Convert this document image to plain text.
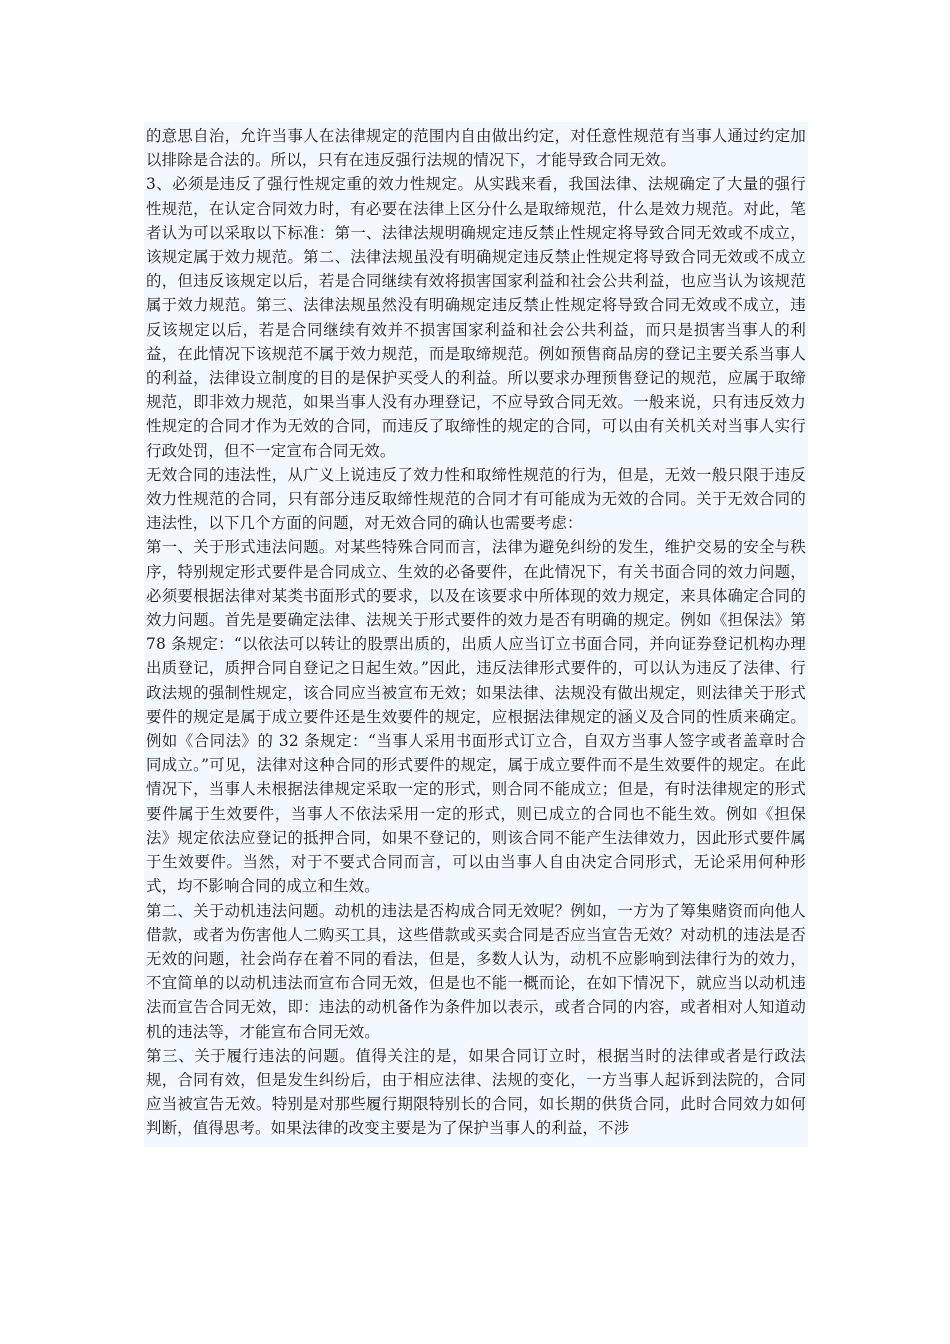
的意思自治，允许当事人在法律规定的范围内自由做出约定，对任意性规范有当事人通过约定加以排除是合法的。所以，只有在违反强行法规的情况下，才能导致合同无效。

3、必须是违反了强行性规定重的效力性规定。从实践来看，我国法律、法规确定了大量的强行性规范，在认定合同效力时，有必要在法律上区分什么是取缔规范，什么是效力规范。对此，笔者认为可以采取以下标准：第一、法律法规明确规定违反禁止性规定将导致合同无效或不成立，该规定属于效力规范。第二、法律法规虽没有明确规定违反禁止性规定将导致合同无效或不成立的，但违反该规定以后，若是合同继续有效将损害国家利益和社会公共利益，也应当认为该规范属于效力规范。第三、法律法规虽然没有明确规定违反禁止性规定将导致合同无效或不成立，违反该规定以后，若是合同继续有效并不损害国家利益和社会公共利益，而只是损害当事人的利益，在此情况下该规范不属于效力规范，而是取缔规范。例如预售商品房的登记主要关系当事人的利益，法律设立制度的目的是保护买受人的利益。所以要求办理预售登记的规范，应属于取缔规范，即非效力规范，如果当事人没有办理登记，不应导致合同无效。一般来说，只有违反效力性规定的合同才作为无效的合同，而违反了取缔性的规定的合同，可以由有关机关对当事人实行行政处罚，但不一定宣布合同无效。

无效合同的违法性，从广义上说违反了效力性和取缔性规范的行为，但是，无效一般只限于违反效力性规范的合同，只有部分违反取缔性规范的合同才有可能成为无效的合同。关于无效合同的违法性，以下几个方面的问题，对无效合同的确认也需要考虑：

第一、关于形式违法问题。对某些特殊合同而言，法律为避免纠纷的发生，维护交易的安全与秩序，特别规定形式要件是合同成立、生效的必备要件，在此情况下，有关书面合同的效力问题，必须要根据法律对某类书面形式的要求，以及在该要求中所体现的效力规定，来具体确定合同的效力问题。首先是要确定法律、法规关于形式要件的效力是否有明确的规定。例如《担保法》第 78 条规定：“以依法可以转让的股票出质的，出质人应当订立书面合同，并向证券登记机构办理出质登记，质押合同自登记之日起生效。”因此，违反法律形式要件的，可以认为违反了法律、行政法规的强制性规定，该合同应当被宣布无效；如果法律、法规没有做出规定，则法律关于形式要件的规定是属于成立要件还是生效要件的规定，应根据法律规定的涵义及合同的性质来确定。例如《合同法》的 32 条规定：“当事人采用书面形式订立合，自双方当事人签字或者盖章时合同成立。”可见，法律对这种合同的形式要件的规定，属于成立要件而不是生效要件的规定。在此情况下，当事人未根据法律规定采取一定的形式，则合同不能成立；但是，有时法律规定的形式要件属于生效要件，当事人不依法采用一定的形式，则已成立的合同也不能生效。例如《担保法》规定依法应登记的抵押合同，如果不登记的，则该合同不能产生法律效力，因此形式要件属于生效要件。当然，对于不要式合同而言，可以由当事人自由决定合同形式，无论采用何种形式，均不影响合同的成立和生效。

第二、关于动机违法问题。动机的违法是否构成合同无效呢？例如，一方为了筹集赌资而向他人借款，或者为伤害他人二购买工具，这些借款或买卖合同是否应当宣告无效？对动机的违法是否无效的问题，社会尚存在着不同的看法，但是，多数人认为，动机不应影响到法律行为的效力，不宜简单的以动机违法而宣布合同无效，但是也不能一概而论，在如下情况下，就应当以动机违法而宣告合同无效，即：违法的动机备作为条件加以表示，或者合同的内容，或者相对人知道动机的违法等，才能宣布合同无效。

第三、关于履行违法的问题。值得关注的是，如果合同订立时，根据当时的法律或者是行政法规，合同有效，但是发生纠纷后，由于相应法律、法规的变化，一方当事人起诉到法院的，合同应当被宣告无效。特别是对那些履行期限特别长的合同，如长期的供货合同，此时合同效力如何判断，值得思考。如果法律的改变主要是为了保护当事人的利益，不涉
